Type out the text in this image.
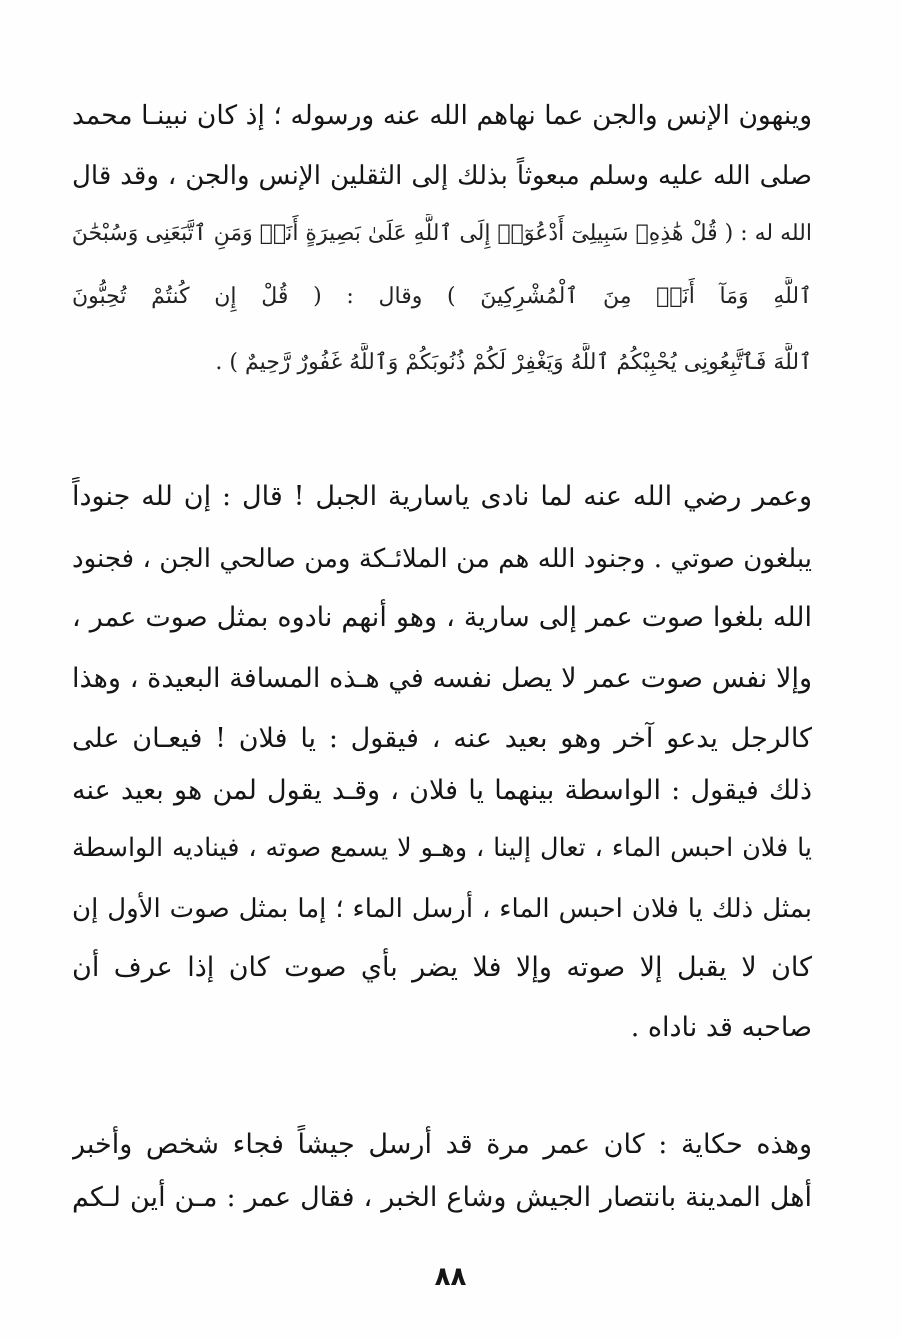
وينهون الإنس والجن عما نهاهم الله عنه ورسوله ؛ إذ كان نبينـا محمد
صلى الله عليه وسلم مبعوثاً بذلك إلى الثقلين الإنس والجن ، وقد قال
الله له : ( قُلْ هَٰذِهِۦ سَبِيلِىٓ أَدْعُوٓا۟ إِلَى ٱللَّهِ عَلَىٰ بَصِيرَةٍ أَنَا۠ وَمَنِ ٱتَّبَعَنِى وَسُبْحَٰنَ
ٱللَّهِ وَمَآ أَنَا۠ مِنَ ٱلْمُشْرِكِينَ ) وقال : ( قُلْ إِن كُنتُمْ تُحِبُّونَ
ٱللَّهَ فَٱتَّبِعُونِى يُحْبِبْكُمُ ٱللَّهُ وَيَغْفِرْ لَكُمْ ذُنُوبَكُمْ وَٱللَّهُ غَفُورٌ رَّحِيمٌ ) .
وعمر رضي الله عنه لما نادى ياسارية الجبل ! قال : إن لله جنوداً
يبلغون صوتي . وجنود الله هم من الملائـكة ومن صالحي الجن ، فجنود
الله بلغوا صوت عمر إلى سارية ، وهو أنهم نادوه بمثل صوت عمر ،
وإلا نفس صوت عمر لا يصل نفسه في هـذه المسافة البعيدة ، وهذا
كالرجل يدعو آخر وهو بعيد عنه ، فيقول : يا فلان ! فيعـان على
ذلك فيقول : الواسطة بينهما يا فلان ، وقـد يقول لمن هو بعيد عنه
يا فلان احبس الماء ، تعال إلينا ، وهـو لا يسمع صوته ، فيناديه الواسطة
بمثل ذلك يا فلان احبس الماء ، أرسل الماء ؛ إما بمثل صوت الأول إن
كان لا يقبل إلا صوته وإلا فلا يضر بأي صوت كان إذا عرف أن
صاحبه قد ناداه .
وهذه حكاية : كان عمر مرة قد أرسل جيشاً فجاء شخص وأخبر
أهل المدينة بانتصار الجيش وشاع الخبر ، فقال عمر : مـن أين لـكم
٨٨
